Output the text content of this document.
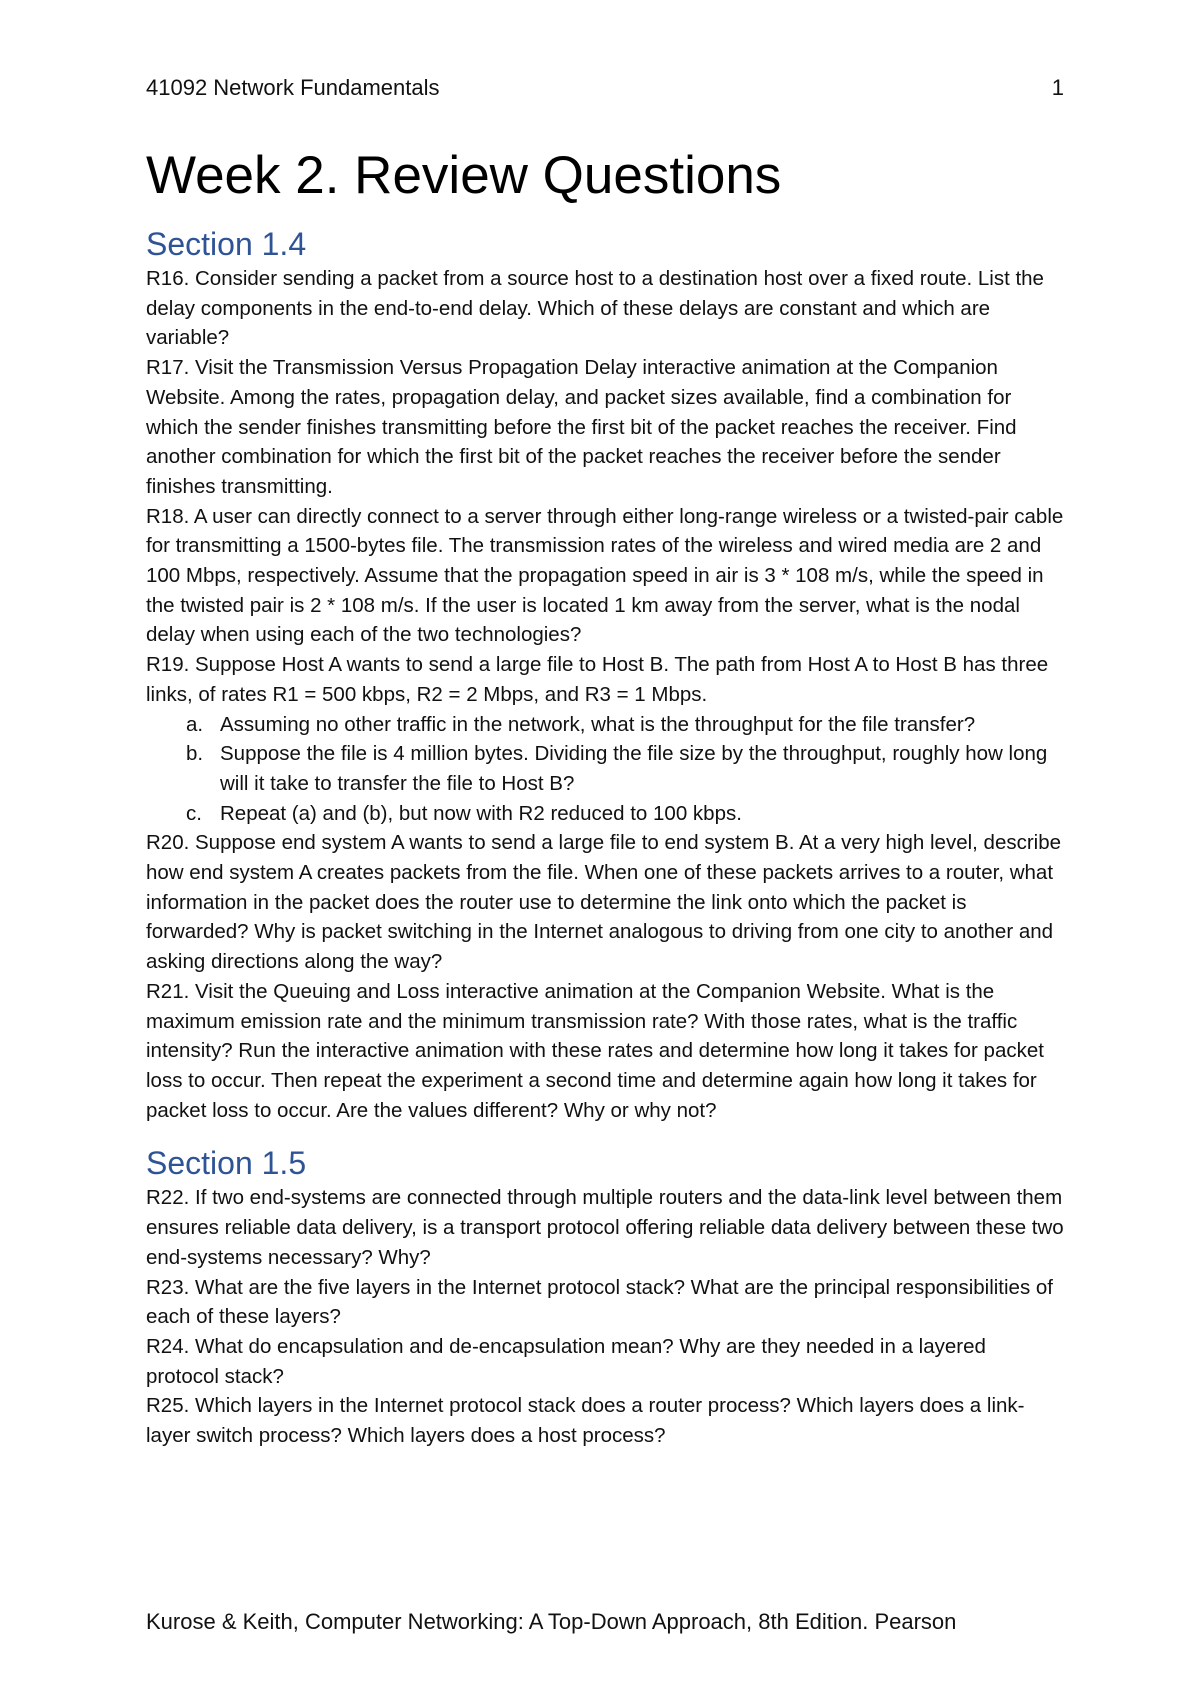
41092 Network Fundamentals	1
Week 2. Review Questions
Section 1.4

R16. Consider sending a packet from a source host to a destination host over a fixed route. List the delay components in the end-to-end delay. Which of these delays are constant and which are variable?

R17. Visit the Transmission Versus Propagation Delay interactive animation at the Companion Website. Among the rates, propagation delay, and packet sizes available, find a combination for which the sender finishes transmitting before the first bit of the packet reaches the receiver. Find another combination for which the first bit of the packet reaches the receiver before the sender finishes transmitting.

R18. A user can directly connect to a server through either long-range wireless or a twisted-pair cable for transmitting a 1500-bytes file. The transmission rates of the wireless and wired media are 2 and 100 Mbps, respectively. Assume that the propagation speed in air is 3 * 108 m/s, while the speed in the twisted pair is 2 * 108 m/s. If the user is located 1 km away from the server, what is the nodal delay when using each of the two technologies?

R19. Suppose Host A wants to send a large file to Host B. The path from Host A to Host B has three links, of rates R1 = 500 kbps, R2 = 2 Mbps, and R3 = 1 Mbps.

a. Assuming no other traffic in the network, what is the throughput for the file transfer?
b. Suppose the file is 4 million bytes. Dividing the file size by the throughput, roughly how long will it take to transfer the file to Host B?
c. Repeat (a) and (b), but now with R2 reduced to 100 kbps.

R20. Suppose end system A wants to send a large file to end system B. At a very high level, describe how end system A creates packets from the file. When one of these packets arrives to a router, what information in the packet does the router use to determine the link onto which the packet is forwarded? Why is packet switching in the Internet analogous to driving from one city to another and asking directions along the way?

R21. Visit the Queuing and Loss interactive animation at the Companion Website. What is the maximum emission rate and the minimum transmission rate? With those rates, what is the traffic intensity? Run the interactive animation with these rates and determine how long it takes for packet loss to occur. Then repeat the experiment a second time and determine again how long it takes for packet loss to occur. Are the values different? Why or why not?

Section 1.5

R22. If two end-systems are connected through multiple routers and the data-link level between them ensures reliable data delivery, is a transport protocol offering reliable data delivery between these two end-systems necessary? Why?

R23. What are the five layers in the Internet protocol stack? What are the principal responsibilities of each of these layers?

R24. What do encapsulation and de-encapsulation mean? Why are they needed in a layered protocol stack?

R25. Which layers in the Internet protocol stack does a router process? Which layers does a link-layer switch process? Which layers does a host process?

Kurose & Keith, Computer Networking: A Top-Down Approach, 8th Edition. Pearson
